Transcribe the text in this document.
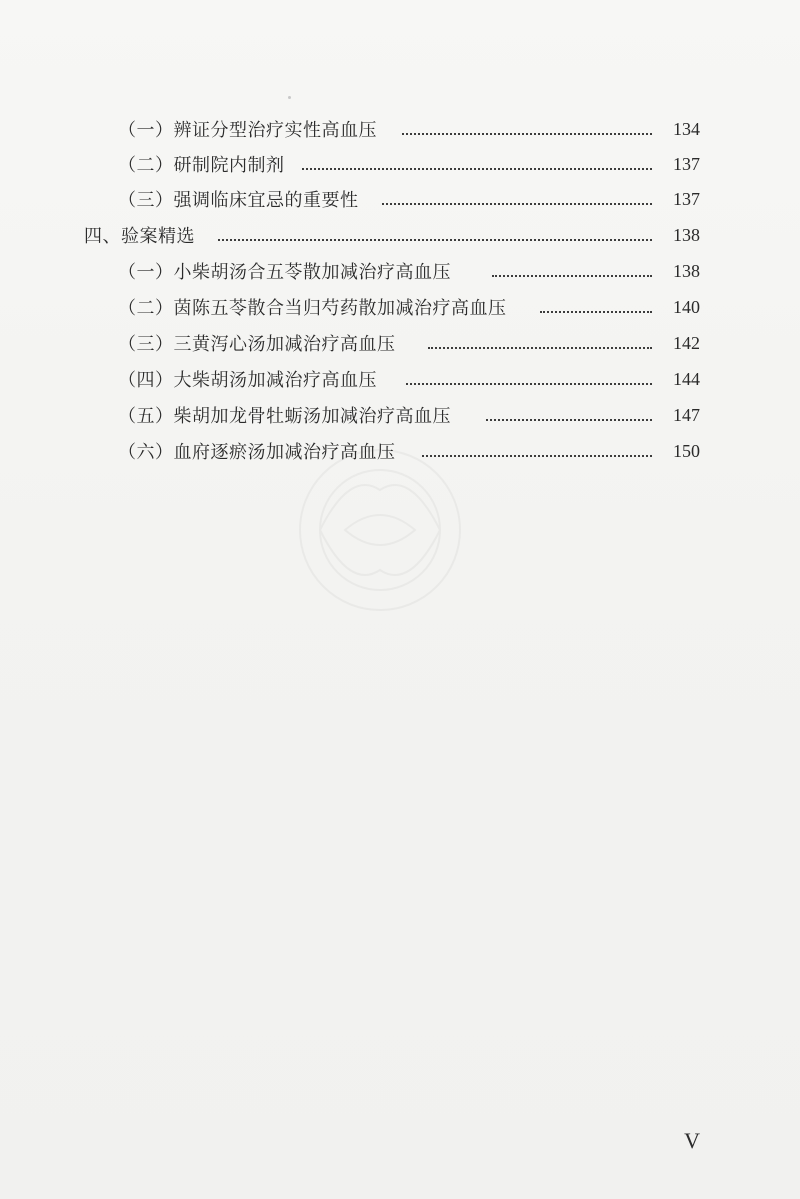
（一）辨证分型治疗实性高血压	134
（二）研制院内制剂	137
（三）强调临床宜忌的重要性	137
四、验案精选	138
（一）小柴胡汤合五苓散加减治疗高血压	138
（二）茵陈五苓散合当归芍药散加减治疗高血压	140
（三）三黄泻心汤加减治疗高血压	142
（四）大柴胡汤加减治疗高血压	144
（五）柴胡加龙骨牡蛎汤加减治疗高血压	147
（六）血府逐瘀汤加减治疗高血压	150
V
